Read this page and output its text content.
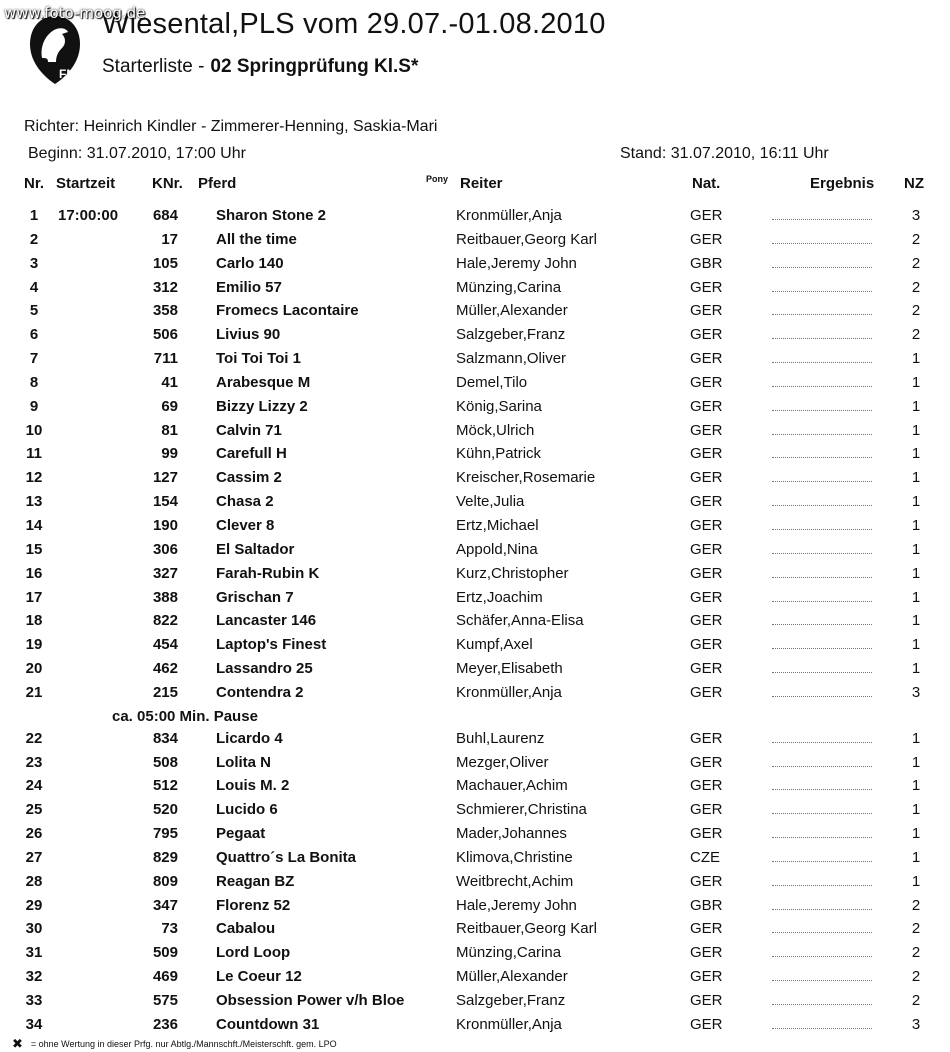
www.foto-moog.de
FN
Wiesental,PLS vom 29.07.-01.08.2010
Starterliste - 02 Springprüfung Kl.S*
Richter: Heinrich Kindler - Zimmerer-Henning, Saskia-Mari
Beginn: 31.07.2010, 17:00 Uhr	Stand: 31.07.2010, 16:11 Uhr
Nr. Startzeit KNr. Pferd	Pony Reiter	Nat.	Ergebnis NZ
1	17:00:00	684	Sharon Stone 2	Kronmüller,Anja	GER	3
2	17	All the time	Reitbauer,Georg Karl	GER	2
3	105	Carlo 140	Hale,Jeremy John	GBR	2
4	312	Emilio 57	Münzing,Carina	GER	2
5	358	Fromecs Lacontaire	Müller,Alexander	GER	2
6	506	Livius 90	Salzgeber,Franz	GER	2
7	711	Toi Toi Toi 1	Salzmann,Oliver	GER	1
8	41	Arabesque M	Demel,Tilo	GER	1
9	69	Bizzy Lizzy 2	König,Sarina	GER	1
10	81	Calvin 71	Möck,Ulrich	GER	1
11	99	Carefull H	Kühn,Patrick	GER	1
12	127	Cassim 2	Kreischer,Rosemarie	GER	1
13	154	Chasa 2	Velte,Julia	GER	1
14	190	Clever 8	Ertz,Michael	GER	1
15	306	El Saltador	Appold,Nina	GER	1
16	327	Farah-Rubin K	Kurz,Christopher	GER	1
17	388	Grischan 7	Ertz,Joachim	GER	1
18	822	Lancaster 146	Schäfer,Anna-Elisa	GER	1
19	454	Laptop's Finest	Kumpf,Axel	GER	1
20	462	Lassandro 25	Meyer,Elisabeth	GER	1
21	215	Contendra 2	Kronmüller,Anja	GER	3
ca. 05:00 Min. Pause
22	834	Licardo 4	Buhl,Laurenz	GER	1
23	508	Lolita N	Mezger,Oliver	GER	1
24	512	Louis M. 2	Machauer,Achim	GER	1
25	520	Lucido 6	Schmierer,Christina	GER	1
26	795	Pegaat	Mader,Johannes	GER	1
27	829	Quattro´s La Bonita	Klimova,Christine	CZE	1
28	809	Reagan BZ	Weitbrecht,Achim	GER	1
29	347	Florenz 52	Hale,Jeremy John	GBR	2
30	73	Cabalou	Reitbauer,Georg Karl	GER	2
31	509	Lord Loop	Münzing,Carina	GER	2
32	469	Le Coeur 12	Müller,Alexander	GER	2
33	575	Obsession Power v/h Bloe	Salzgeber,Franz	GER	2
34	236	Countdown 31	Kronmüller,Anja	GER	3
✖ = ohne Wertung in dieser Prfg. nur Abtlg./Mannschft./Meisterschft. gem. LPO
